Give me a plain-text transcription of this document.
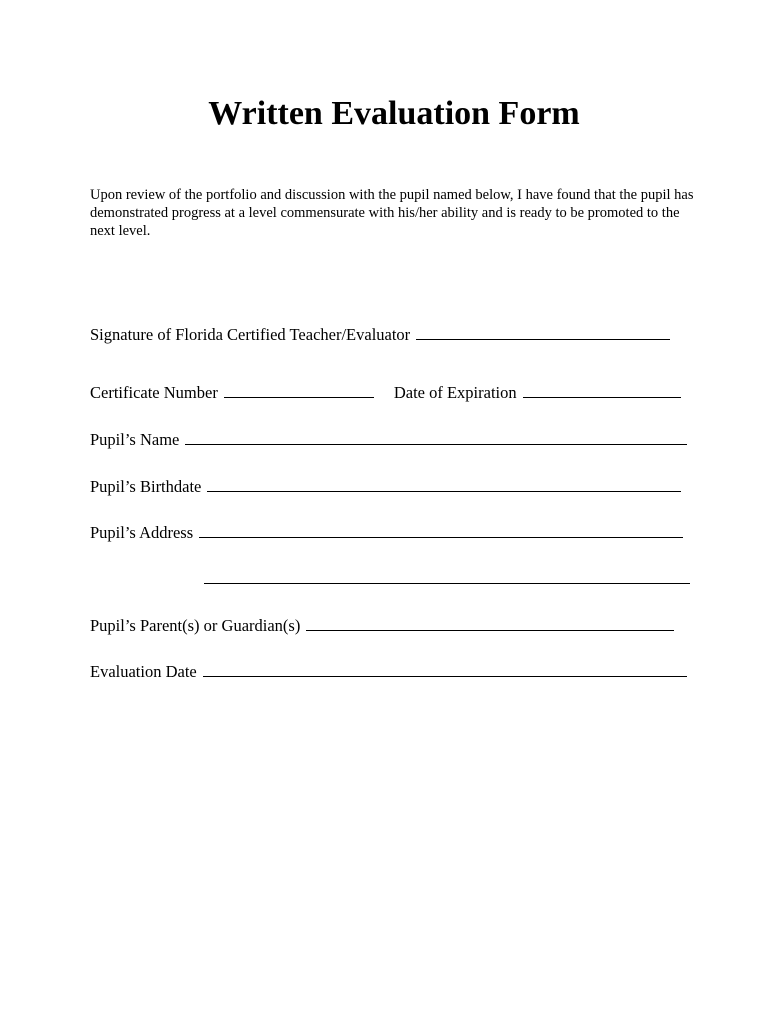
Written Evaluation Form

Upon review of the portfolio and discussion with the pupil named below, I have found that the pupil has demonstrated progress at a level commensurate with his/her ability and is ready to be promoted to the next level.

Signature of Florida Certified Teacher/Evaluator
Certificate Number	Date of Expiration
Pupil’s Name
Pupil’s Birthdate
Pupil’s Address
Pupil’s Parent(s) or Guardian(s)
Evaluation Date
